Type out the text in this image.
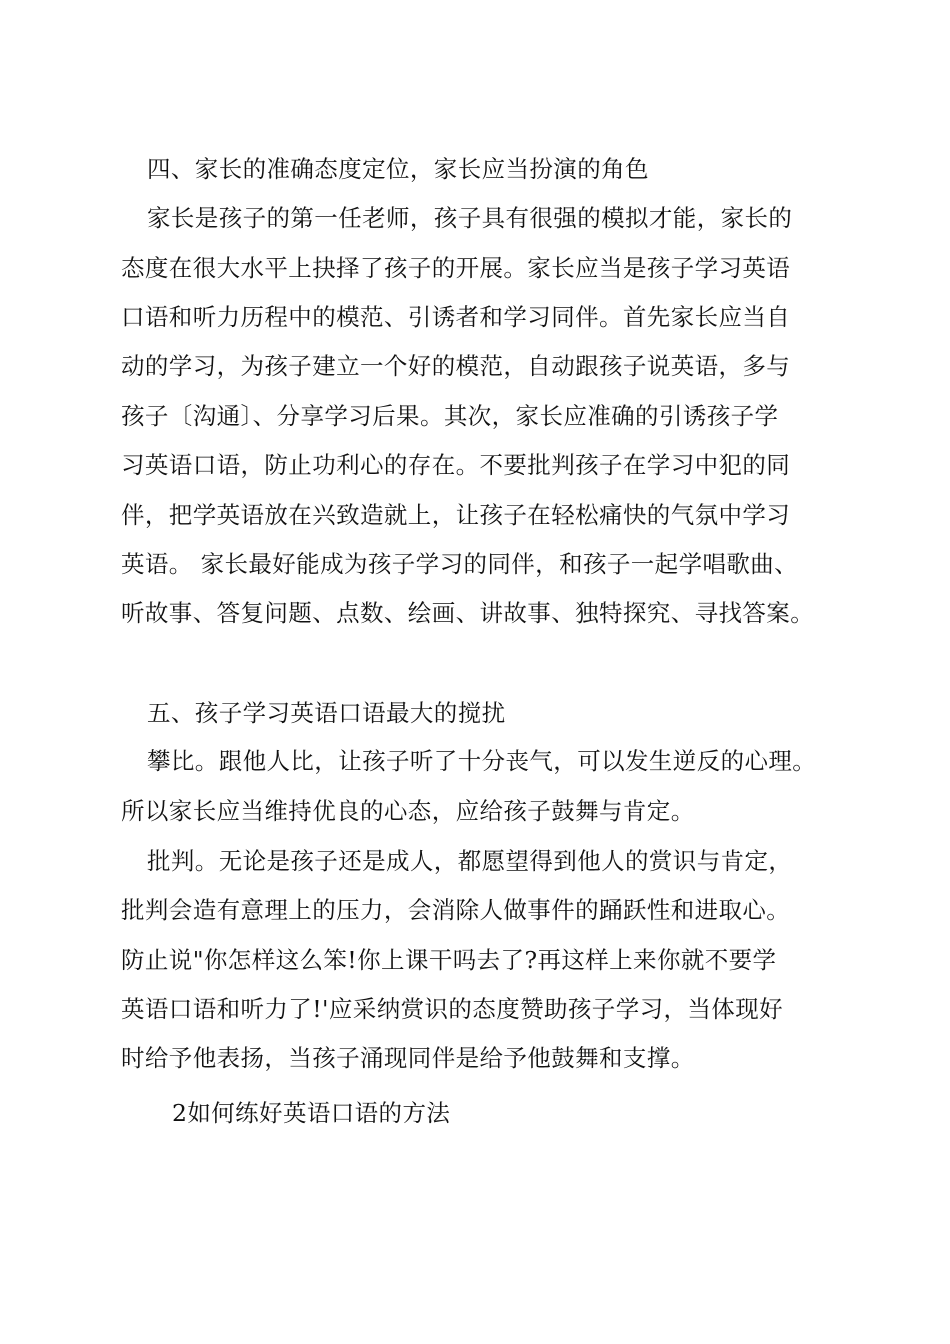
四、家长的准确态度定位，家长应当扮演的角色
家长是孩子的第一任老师，孩子具有很强的模拟才能，家长的
态度在很大水平上抉择了孩子的开展。家长应当是孩子学习英语
口语和听力历程中的模范、引诱者和学习同伴。首先家长应当自
动的学习，为孩子建立一个好的模范，自动跟孩子说英语，多与
孩子〔沟通〕、分享学习后果。其次，家长应准确的引诱孩子学
习英语口语，防止功利心的存在。不要批判孩子在学习中犯的同
伴，把学英语放在兴致造就上，让孩子在轻松痛快的气氛中学习
英语。 家长最好能成为孩子学习的同伴，和孩子一起学唱歌曲、
听故事、答复问题、点数、绘画、讲故事、独特探究、寻找答案。
五、孩子学习英语口语最大的搅扰
攀比。跟他人比，让孩子听了十分丧气，可以发生逆反的心理。
所以家长应当维持优良的心态，应给孩子鼓舞与肯定。
批判。无论是孩子还是成人，都愿望得到他人的赏识与肯定，
批判会造有意理上的压力，会消除人做事件的踊跃性和进取心。
防止说"你怎样这么笨!你上课干吗去了?再这样上来你就不要学
英语口语和听力了!'应采纳赏识的态度赞助孩子学习，当体现好
时给予他表扬，当孩子涌现同伴是给予他鼓舞和支撑。
2如何练好英语口语的方法
